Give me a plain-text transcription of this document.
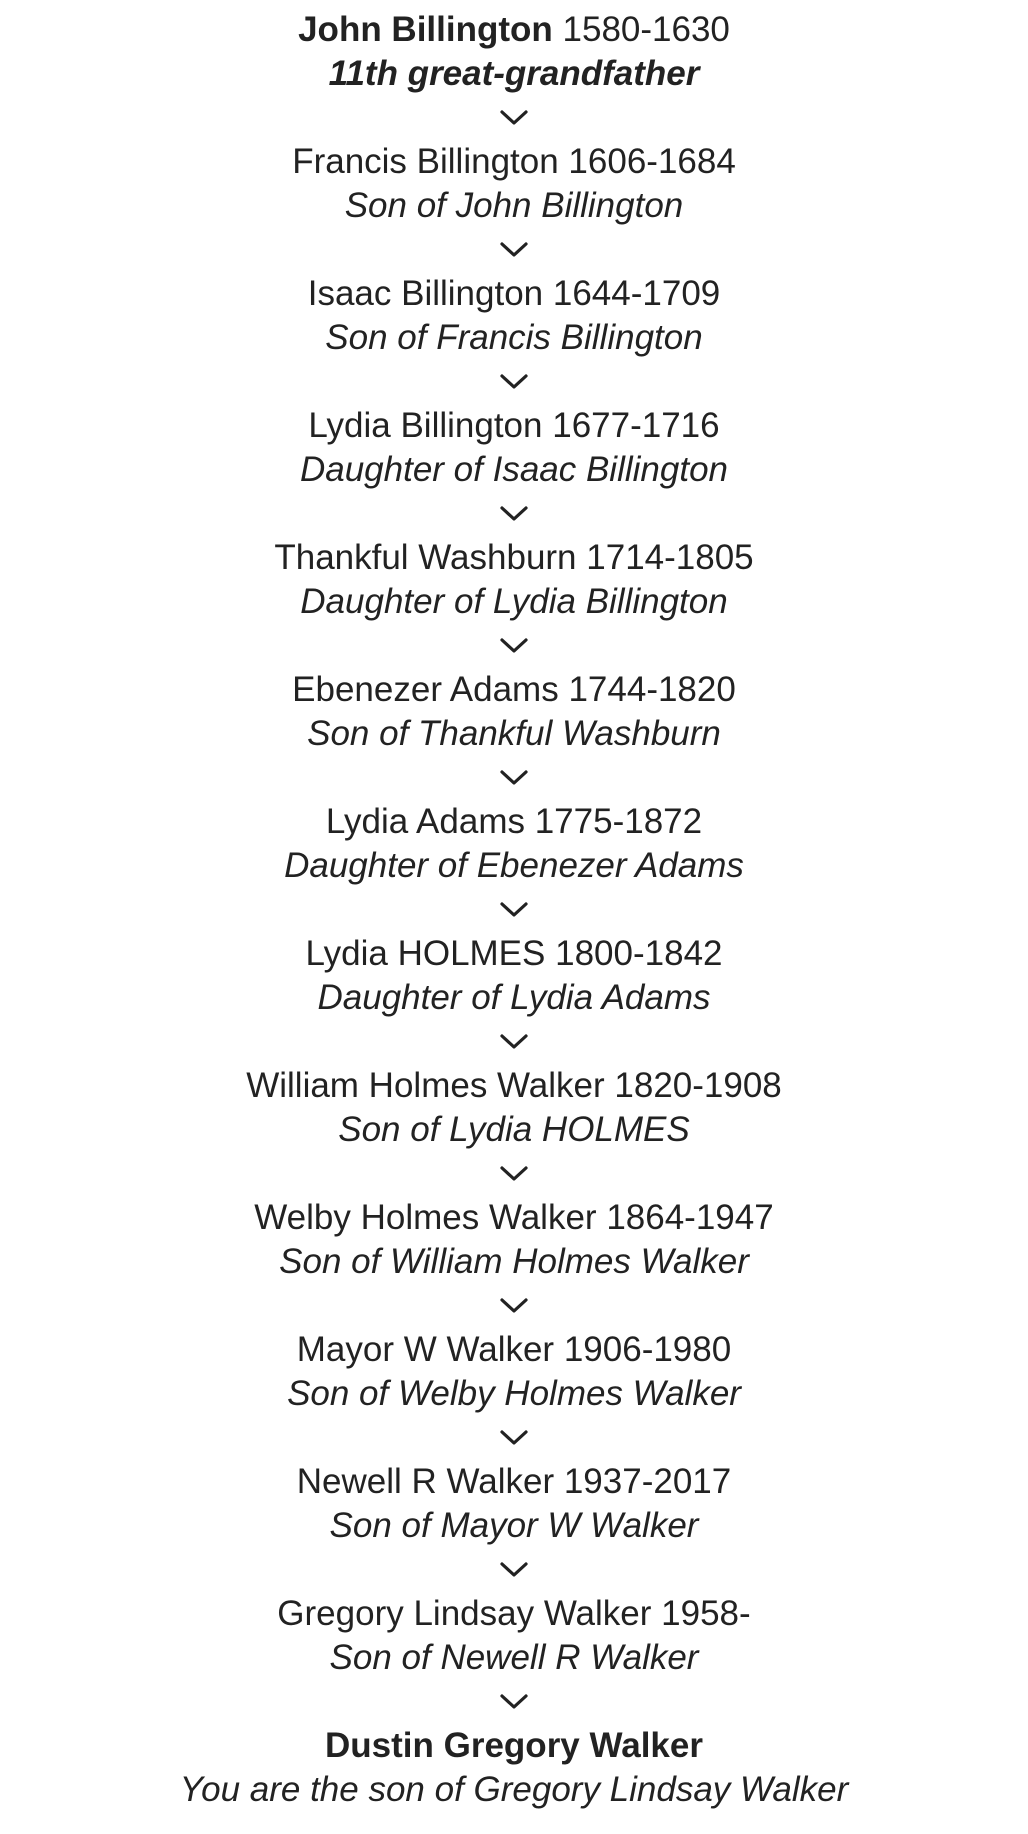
John Billington 1580-1630
11th great-grandfather
Francis Billington 1606-1684
Son of John Billington
Isaac Billington 1644-1709
Son of Francis Billington
Lydia Billington 1677-1716
Daughter of Isaac Billington
Thankful Washburn 1714-1805
Daughter of Lydia Billington
Ebenezer Adams 1744-1820
Son of Thankful Washburn
Lydia Adams 1775-1872
Daughter of Ebenezer Adams
Lydia HOLMES 1800-1842
Daughter of Lydia Adams
William Holmes Walker 1820-1908
Son of Lydia HOLMES
Welby Holmes Walker 1864-1947
Son of William Holmes Walker
Mayor W Walker 1906-1980
Son of Welby Holmes Walker
Newell R Walker 1937-2017
Son of Mayor W Walker
Gregory Lindsay Walker 1958-
Son of Newell R Walker
Dustin Gregory Walker
You are the son of Gregory Lindsay Walker
